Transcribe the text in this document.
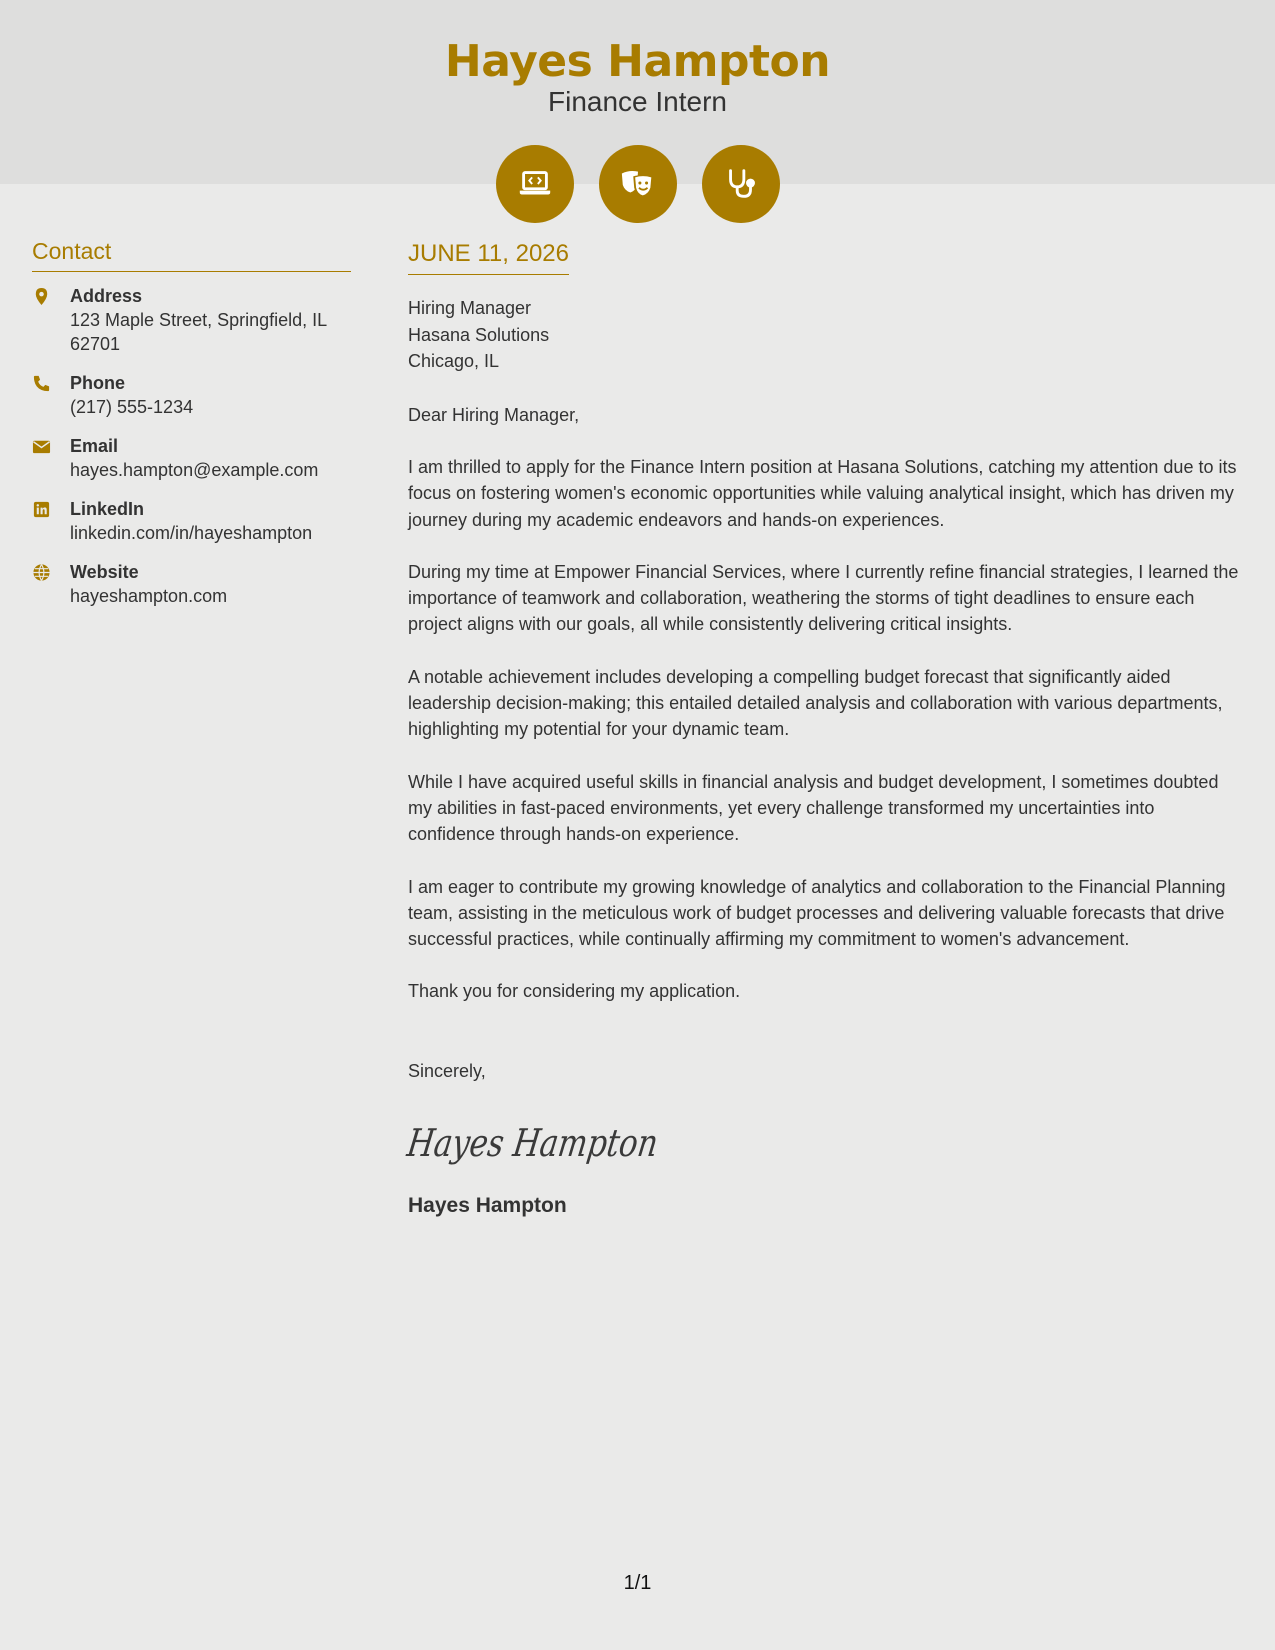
Hayes Hampton
Finance Intern
Contact
Address
123 Maple Street, Springfield, IL 62701
Phone
(217) 555-1234
Email
hayes.hampton@example.com
LinkedIn
linkedin.com/in/hayeshampton
Website
hayeshampton.com
JUNE 11, 2026
Hiring Manager
Hasana Solutions
Chicago, IL
Dear Hiring Manager,

I am thrilled to apply for the Finance Intern position at Hasana Solutions, catching my attention due to its focus on fostering women's economic opportunities while valuing analytical insight, which has driven my journey during my academic endeavors and hands-on experiences.

During my time at Empower Financial Services, where I currently refine financial strategies, I learned the importance of teamwork and collaboration, weathering the storms of tight deadlines to ensure each project aligns with our goals, all while consistently delivering critical insights.

A notable achievement includes developing a compelling budget forecast that significantly aided leadership decision-making; this entailed detailed analysis and collaboration with various departments, highlighting my potential for your dynamic team.

While I have acquired useful skills in financial analysis and budget development, I sometimes doubted my abilities in fast-paced environments, yet every challenge transformed my uncertainties into confidence through hands-on experience.

I am eager to contribute my growing knowledge of analytics and collaboration to the Financial Planning team, assisting in the meticulous work of budget processes and delivering valuable forecasts that drive successful practices, while continually affirming my commitment to women's advancement.

Thank you for considering my application.

Sincerely,
Hayes Hampton
Hayes Hampton
1/1
